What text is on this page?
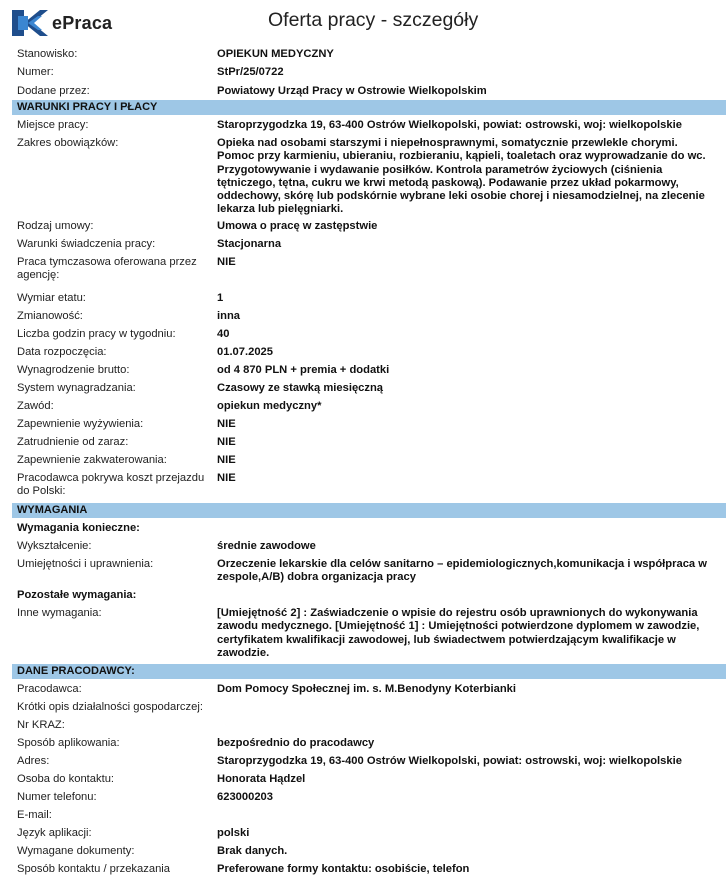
ePraca	Oferta pracy - szczegóły
Stanowisko:	OPIEKUN MEDYCZNY
Numer:	StPr/25/0722
Dodane przez:	Powiatowy Urząd Pracy w Ostrowie Wielkopolskim
WARUNKI PRACY I PŁACY
Miejsce pracy:	Staroprzygodzka 19, 63-400 Ostrów Wielkopolski, powiat: ostrowski, woj: wielkopolskie
Zakres obowiązków:	Opieka nad osobami starszymi i niepełnosprawnymi, somatycznie przewlekle chorymi. Pomoc przy karmieniu, ubieraniu, rozbieraniu, kąpieli, toaletach oraz wyprowadzanie do wc. Przygotowywanie i wydawanie posiłków. Kontrola parametrów życiowych (ciśnienia tętniczego, tętna, cukru we krwi metodą paskową). Podawanie przez układ pokarmowy, oddechowy, skórę lub podskórnie wybrane leki osobie chorej i niesamodzielnej, na zlecenie lekarza lub pielęgniarki.
Rodzaj umowy:	Umowa o pracę w zastępstwie
Warunki świadczenia pracy:	Stacjonarna
Praca tymczasowa oferowana przez agencję:
NIE
Wymiar etatu:	1
Zmianowość:	inna
Liczba godzin pracy w tygodniu:	40
Data rozpoczęcia:	01.07.2025
Wynagrodzenie brutto:	od 4 870 PLN + premia + dodatki
System wynagradzania:	Czasowy ze stawką miesięczną
Zawód:	opiekun medyczny*
Zapewnienie wyżywienia:	NIE
Zatrudnienie od zaraz:	NIE
Zapewnienie zakwaterowania:	NIE
Pracodawca pokrywa koszt przejazdu do Polski:
NIE
WYMAGANIA
Wymagania konieczne:
Wykształcenie:	średnie zawodowe
Umiejętności i uprawnienia:	Orzeczenie lekarskie dla celów sanitarno – epidemiologicznych,komunikacja i współpraca w zespole,A/B) dobra organizacja pracy
Pozostałe wymagania:
Inne wymagania:	[Umiejętność 2] : Zaświadczenie o wpisie do rejestru osób uprawnionych do wykonywania zawodu medycznego. [Umiejętność 1] : Umiejętności potwierdzone dyplomem w zawodzie, certyfikatem kwalifikacji zawodowej, lub świadectwem potwierdzającym kwalifikacje w zawodzie.
DANE PRACODAWCY:
Pracodawca:	Dom Pomocy Społecznej im. s. M.Benodyny Koterbianki
Krótki opis działalności gospodarczej:
Nr KRAZ:
Sposób aplikowania:	bezpośrednio do pracodawcy
Adres:	Staroprzygodzka 19, 63-400 Ostrów Wielkopolski, powiat: ostrowski, woj: wielkopolskie
Osoba do kontaktu:	Honorata Hądzel
Numer telefonu:	623000203
E-mail:
Język aplikacji:	polski
Wymagane dokumenty:	Brak danych.
Sposób kontaktu / przekazania	Preferowane formy kontaktu: osobiście, telefon
